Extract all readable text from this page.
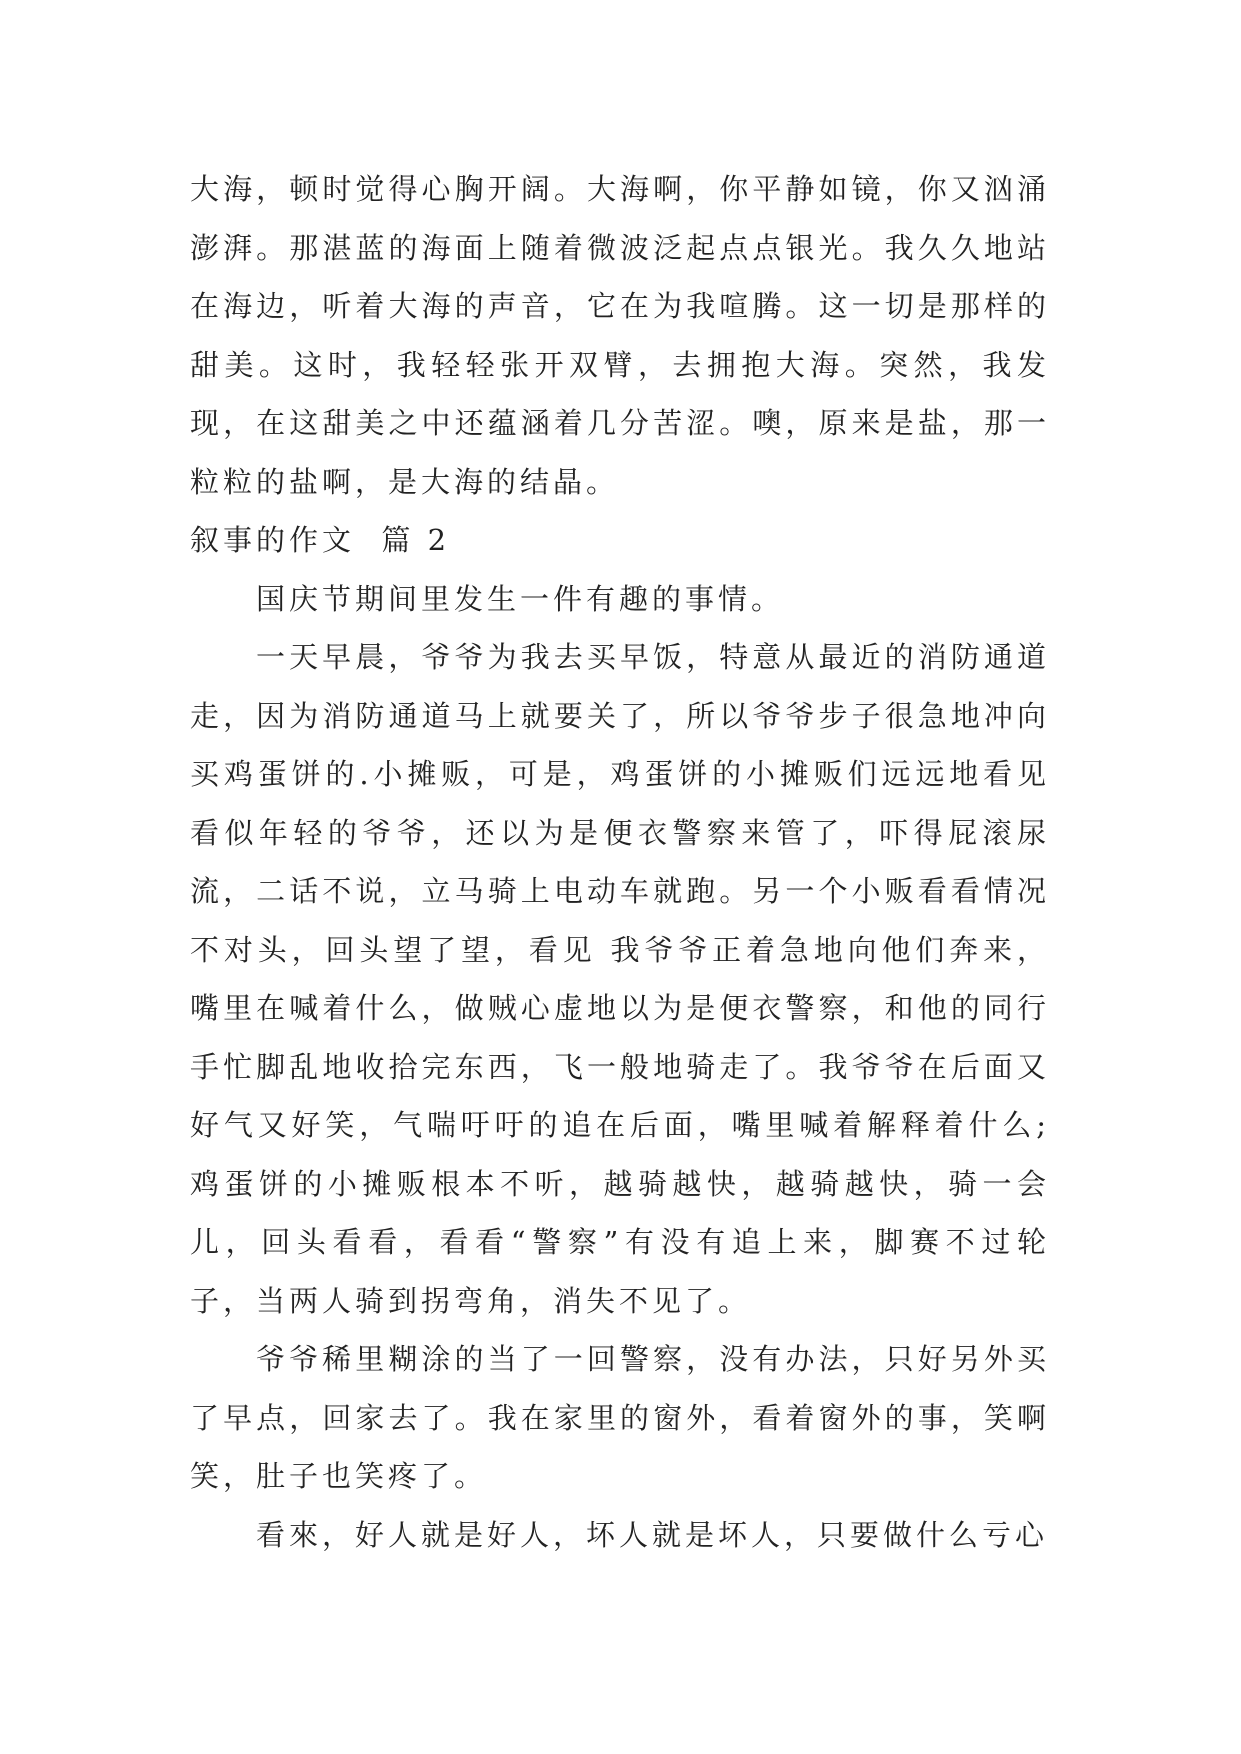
大海，顿时觉得心胸开阔。大海啊，你平静如镜，你又汹涌澎湃。那湛蓝的海面上随着微波泛起点点银光。我久久地站在海边，听着大海的声音，它在为我喧腾。这一切是那样的甜美。这时，我轻轻张开双臂，去拥抱大海。突然，我发现，在这甜美之中还蕴涵着几分苦涩。噢，原来是盐，那一粒粒的盐啊，是大海的结晶。

叙事的作文  篇 2

国庆节期间里发生一件有趣的事情。

一天早晨，爷爷为我去买早饭，特意从最近的消防通道走，因为消防通道马上就要关了，所以爷爷步子很急地冲向买鸡蛋饼的.小摊贩，可是，鸡蛋饼的小摊贩们远远地看见看似年轻的爷爷，还以为是便衣警察来管了，吓得屁滚尿流，二话不说，立马骑上电动车就跑。另一个小贩看看情况不对头，回头望了望，看见 我爷爷正着急地向他们奔来，嘴里在喊着什么，做贼心虚地以为是便衣警察，和他的同行手忙脚乱地收拾完东西，飞一般地骑走了。我爷爷在后面又好气又好笑，气喘吁吁的追在后面，嘴里喊着解释着什么;鸡蛋饼的小摊贩根本不听，越骑越快，越骑越快，骑一会儿，回头看看，看看“警察”有没有追上来，脚赛不过轮子，当两人骑到拐弯角，消失不见了。

爷爷稀里糊涂的当了一回警察，没有办法，只好另外买了早点，回家去了。我在家里的窗外，看着窗外的事，笑啊笑，肚子也笑疼了。

看來，好人就是好人，坏人就是坏人，只要做什么亏心
